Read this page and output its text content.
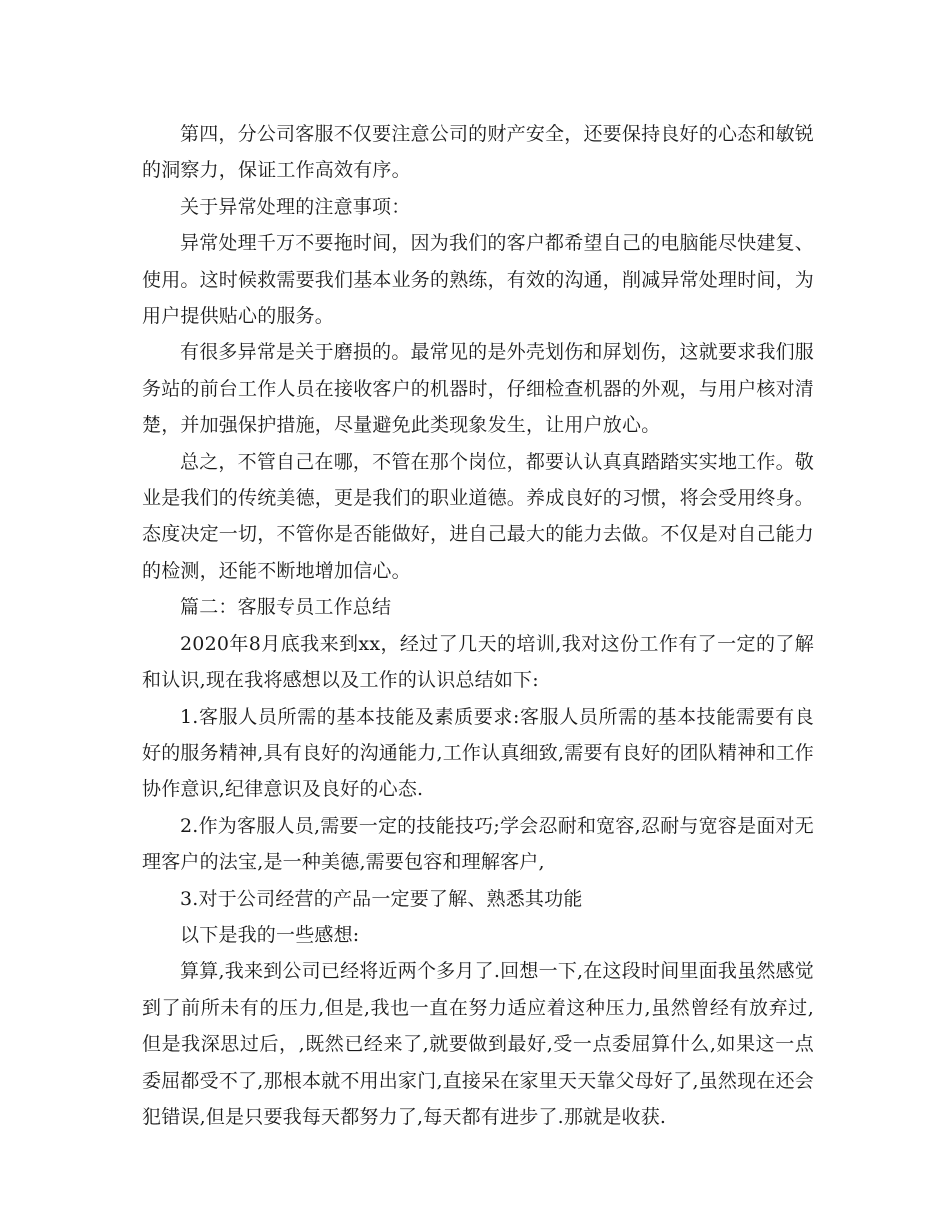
第四，分公司客服不仅要注意公司的财产安全，还要保持良好的心态和敏锐的洞察力，保证工作高效有序。

关于异常处理的注意事项：

异常处理千万不要拖时间，因为我们的客户都希望自己的电脑能尽快建复、使用。这时候救需要我们基本业务的熟练，有效的沟通，削减异常处理时间，为用户提供贴心的服务。

有很多异常是关于磨损的。最常见的是外壳划伤和屏划伤，这就要求我们服务站的前台工作人员在接收客户的机器时，仔细检查机器的外观，与用户核对清楚，并加强保护措施，尽量避免此类现象发生，让用户放心。

总之，不管自己在哪，不管在那个岗位，都要认认真真踏踏实实地工作。敬业是我们的传统美德，更是我们的职业道德。养成良好的习惯，将会受用终身。态度决定一切，不管你是否能做好，进自己最大的能力去做。不仅是对自己能力的检测，还能不断地增加信心。

篇二：客服专员工作总结

2020年8月底我来到xx，经过了几天的培训,我对这份工作有了一定的了解和认识,现在我将感想以及工作的认识总结如下:

1.客服人员所需的基本技能及素质要求:客服人员所需的基本技能需要有良好的服务精神,具有良好的沟通能力,工作认真细致,需要有良好的团队精神和工作协作意识,纪律意识及良好的心态.

2.作为客服人员,需要一定的技能技巧;学会忍耐和宽容,忍耐与宽容是面对无理客户的法宝,是一种美德,需要包容和理解客户,

3.对于公司经营的产品一定要了解、熟悉其功能

以下是我的一些感想:

算算,我来到公司已经将近两个多月了.回想一下,在这段时间里面我虽然感觉到了前所未有的压力,但是,我也一直在努力适应着这种压力,虽然曾经有放弃过,但是我深思过后，,既然已经来了,就要做到最好,受一点委屈算什么,如果这一点委屈都受不了,那根本就不用出家门,直接呆在家里天天靠父母好了,虽然现在还会犯错误,但是只要我每天都努力了,每天都有进步了.那就是收获.
